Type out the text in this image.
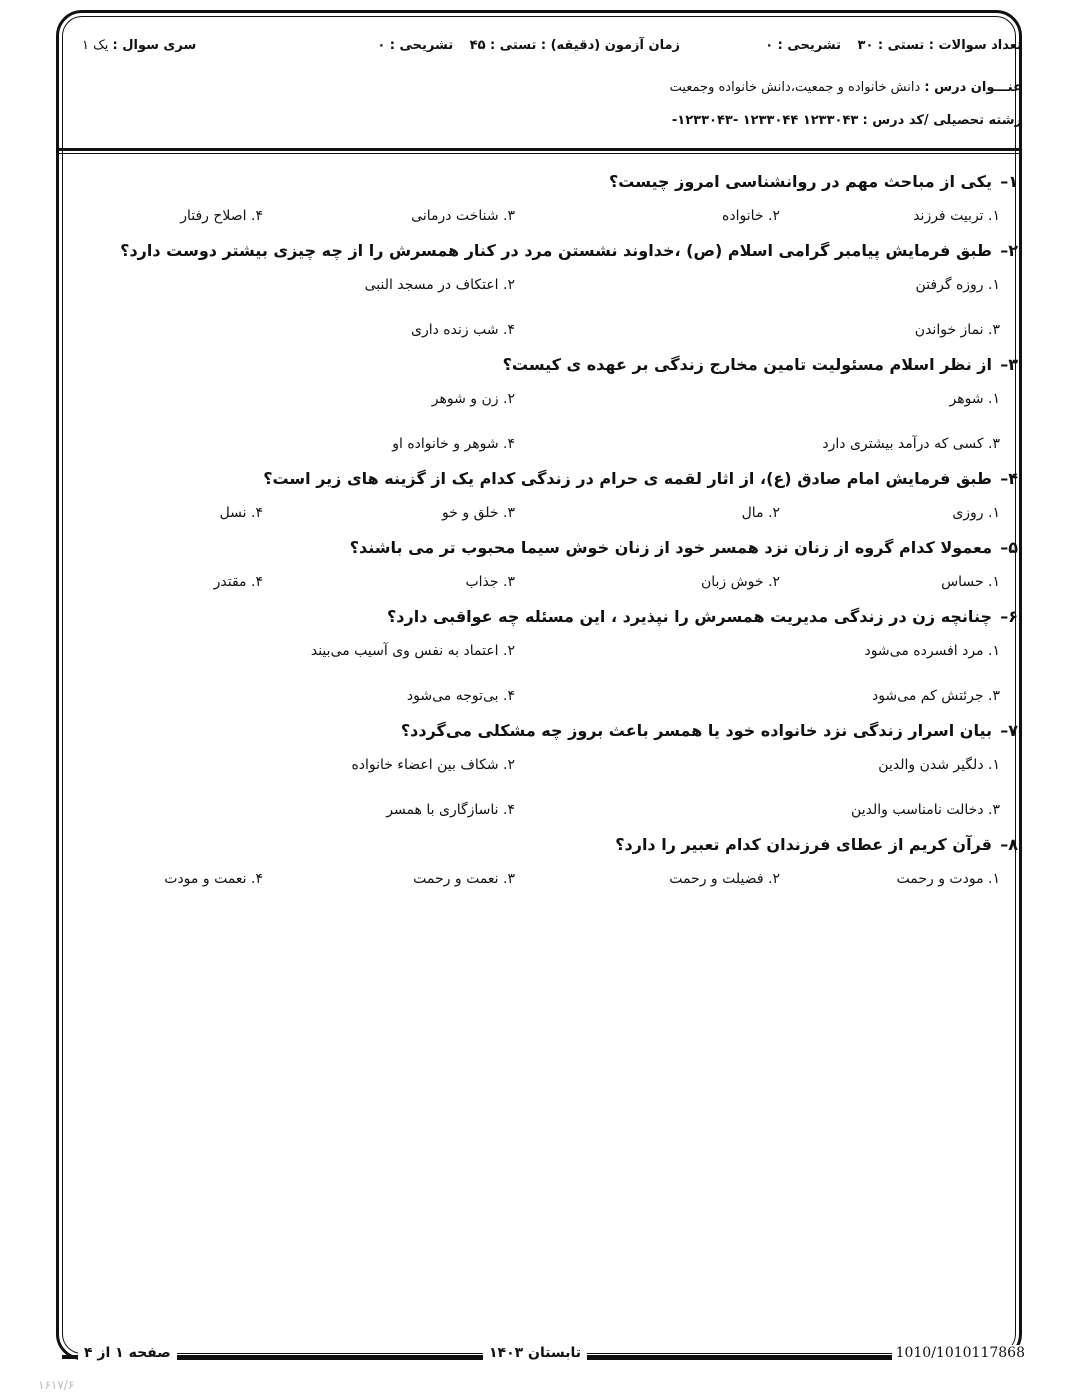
تعداد سوالات : تستی : ۳۰    تشریحی : ۰
زمان آزمون (دقیقه) : تستی : ۴۵    تشریحی : ۰
سری سوال : یک ۱
عنـــوان درس : دانش خانواده و جمعیت،دانش خانواده وجمعیت
رشته تحصیلی /کد درس : ۱۲۳۳۰۴۳ ۱۲۳۳۰۴۴ -۱۲۳۳۰۴۳-
۱–یکی از مباحث مهم در روانشناسی امروز چیست؟
۱. تربیت فرزند
۲. خانواده
۳. شناخت درمانی
۴. اصلاح رفتار
۲–طبق فرمایش پیامبر گرامی اسلام (ص) ،خداوند نشستن مرد در کنار همسرش را از چه چیزی بیشتر دوست دارد؟
۱. روزه گرفتن
۲. اعتکاف در مسجد النبی
۳. نماز خواندن
۴. شب زنده داری
۳–از نظر اسلام مسئولیت تامین مخارج زندگی بر عهده ی کیست؟
۱. شوهر
۲. زن و شوهر
۳. کسی که درآمد بیشتری دارد
۴. شوهر و خانواده او
۴–طبق فرمایش امام صادق (ع)، از اثار لقمه ی حرام در زندگی کدام یک از گزینه های زیر است؟
۱. روزی
۲. مال
۳. خلق و خو
۴. نسل
۵–معمولا کدام گروه از زنان نزد همسر خود از زنان خوش سیما محبوب تر می باشند؟
۱. حساس
۲. خوش زبان
۳. جذاب
۴. مقتدر
۶–چنانچه زن در زندگی مدیریت همسرش را نپذیرد ، این مسئله چه عواقبی دارد؟
۱. مرد افسرده می‌شود
۲. اعتماد به نفس وی آسیب می‌بیند
۳. جرئتش کم می‌شود
۴. بی‌توجه می‌شود
۷–بیان اسرار زندگی نزد خانواده خود یا همسر باعث بروز چه مشکلی می‌گردد؟
۱. دلگیر شدن والدین
۲. شکاف بین اعضاء خانواده
۳. دخالت نامناسب والدین
۴. ناسازگاری با همسر
۸–قرآن کریم از عطای فرزندان کدام تعبیر را دارد؟
۱. مودت و رحمت
۲. فضیلت و رحمت
۳. نعمت و رحمت
۴. نعمت و مودت
صفحه ۱ از ۴	تابستان ۱۴۰۳	1010/1010117868
۱۶۱۷/۶
